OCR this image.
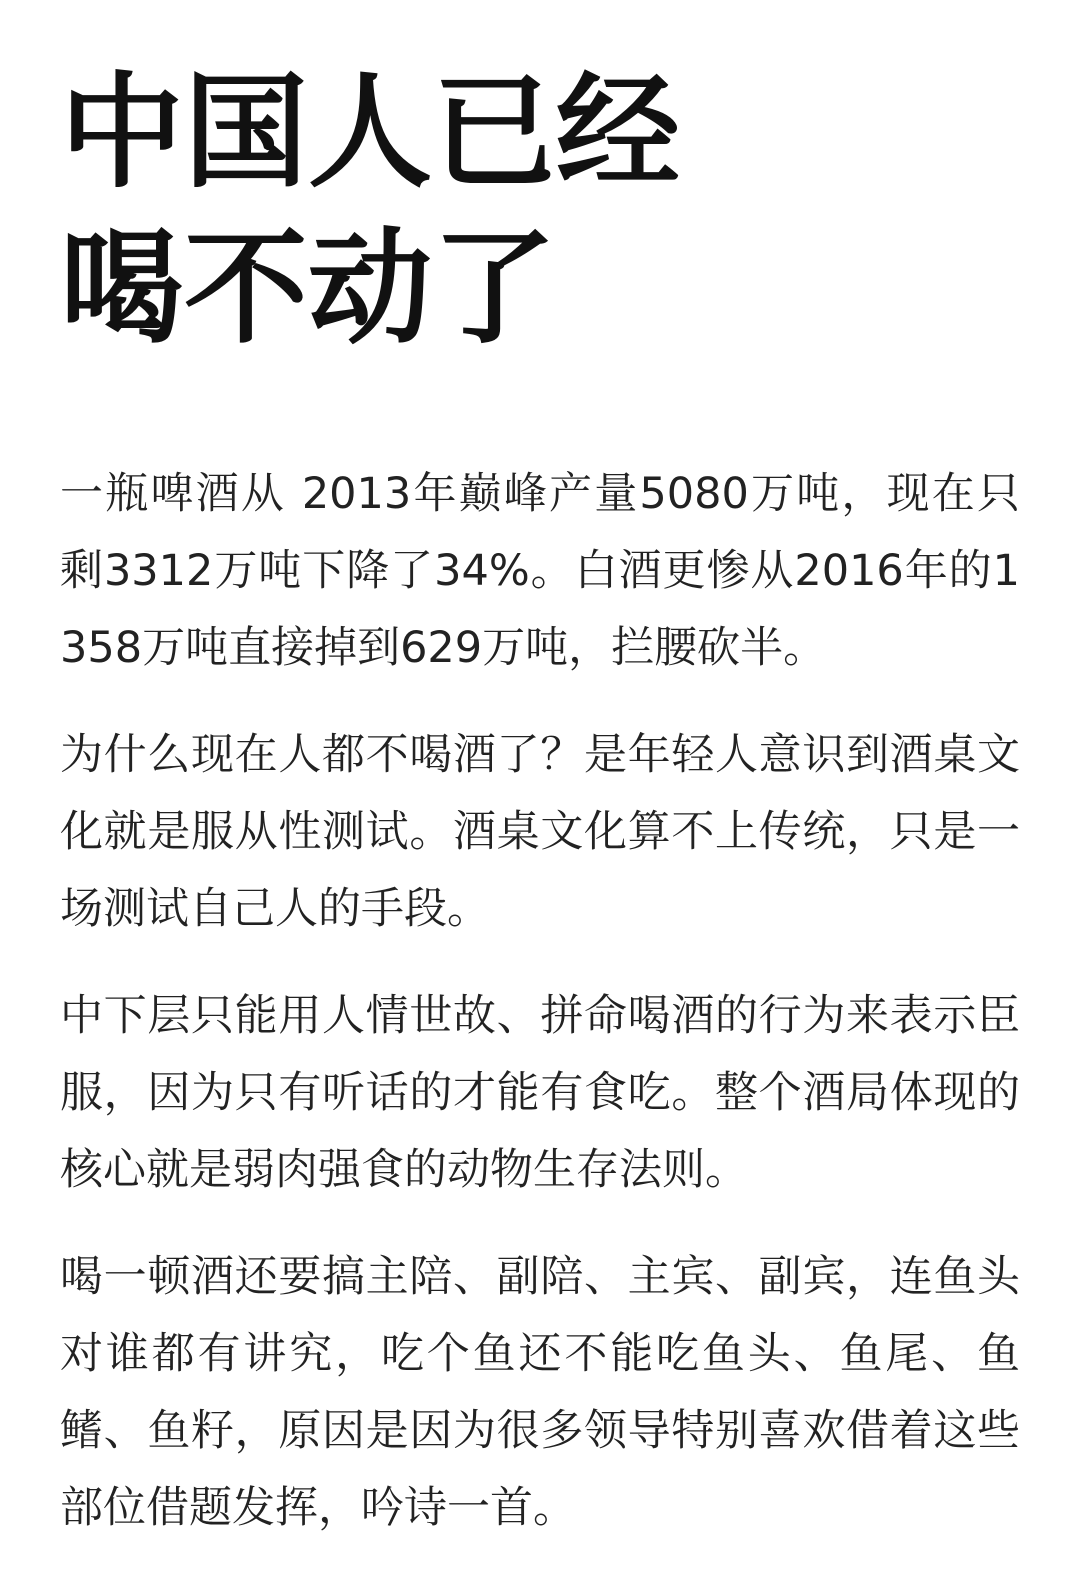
中国人已经
喝不动了

一瓶啤酒从 2013年巅峰产量5080万吨，现在只剩3312万吨下降了34%。白酒更惨从2016年的1358万吨直接掉到629万吨，拦腰砍半。

为什么现在人都不喝酒了？是年轻人意识到酒桌文化就是服从性测试。酒桌文化算不上传统，只是一场测试自己人的手段。

中下层只能用人情世故、拼命喝酒的行为来表示臣服，因为只有听话的才能有食吃。整个酒局体现的核心就是弱肉强食的动物生存法则。

喝一顿酒还要搞主陪、副陪、主宾、副宾，连鱼头对谁都有讲究，吃个鱼还不能吃鱼头、鱼尾、鱼鳍、鱼籽，原因是因为很多领导特别喜欢借着这些部位借题发挥，吟诗一首。
